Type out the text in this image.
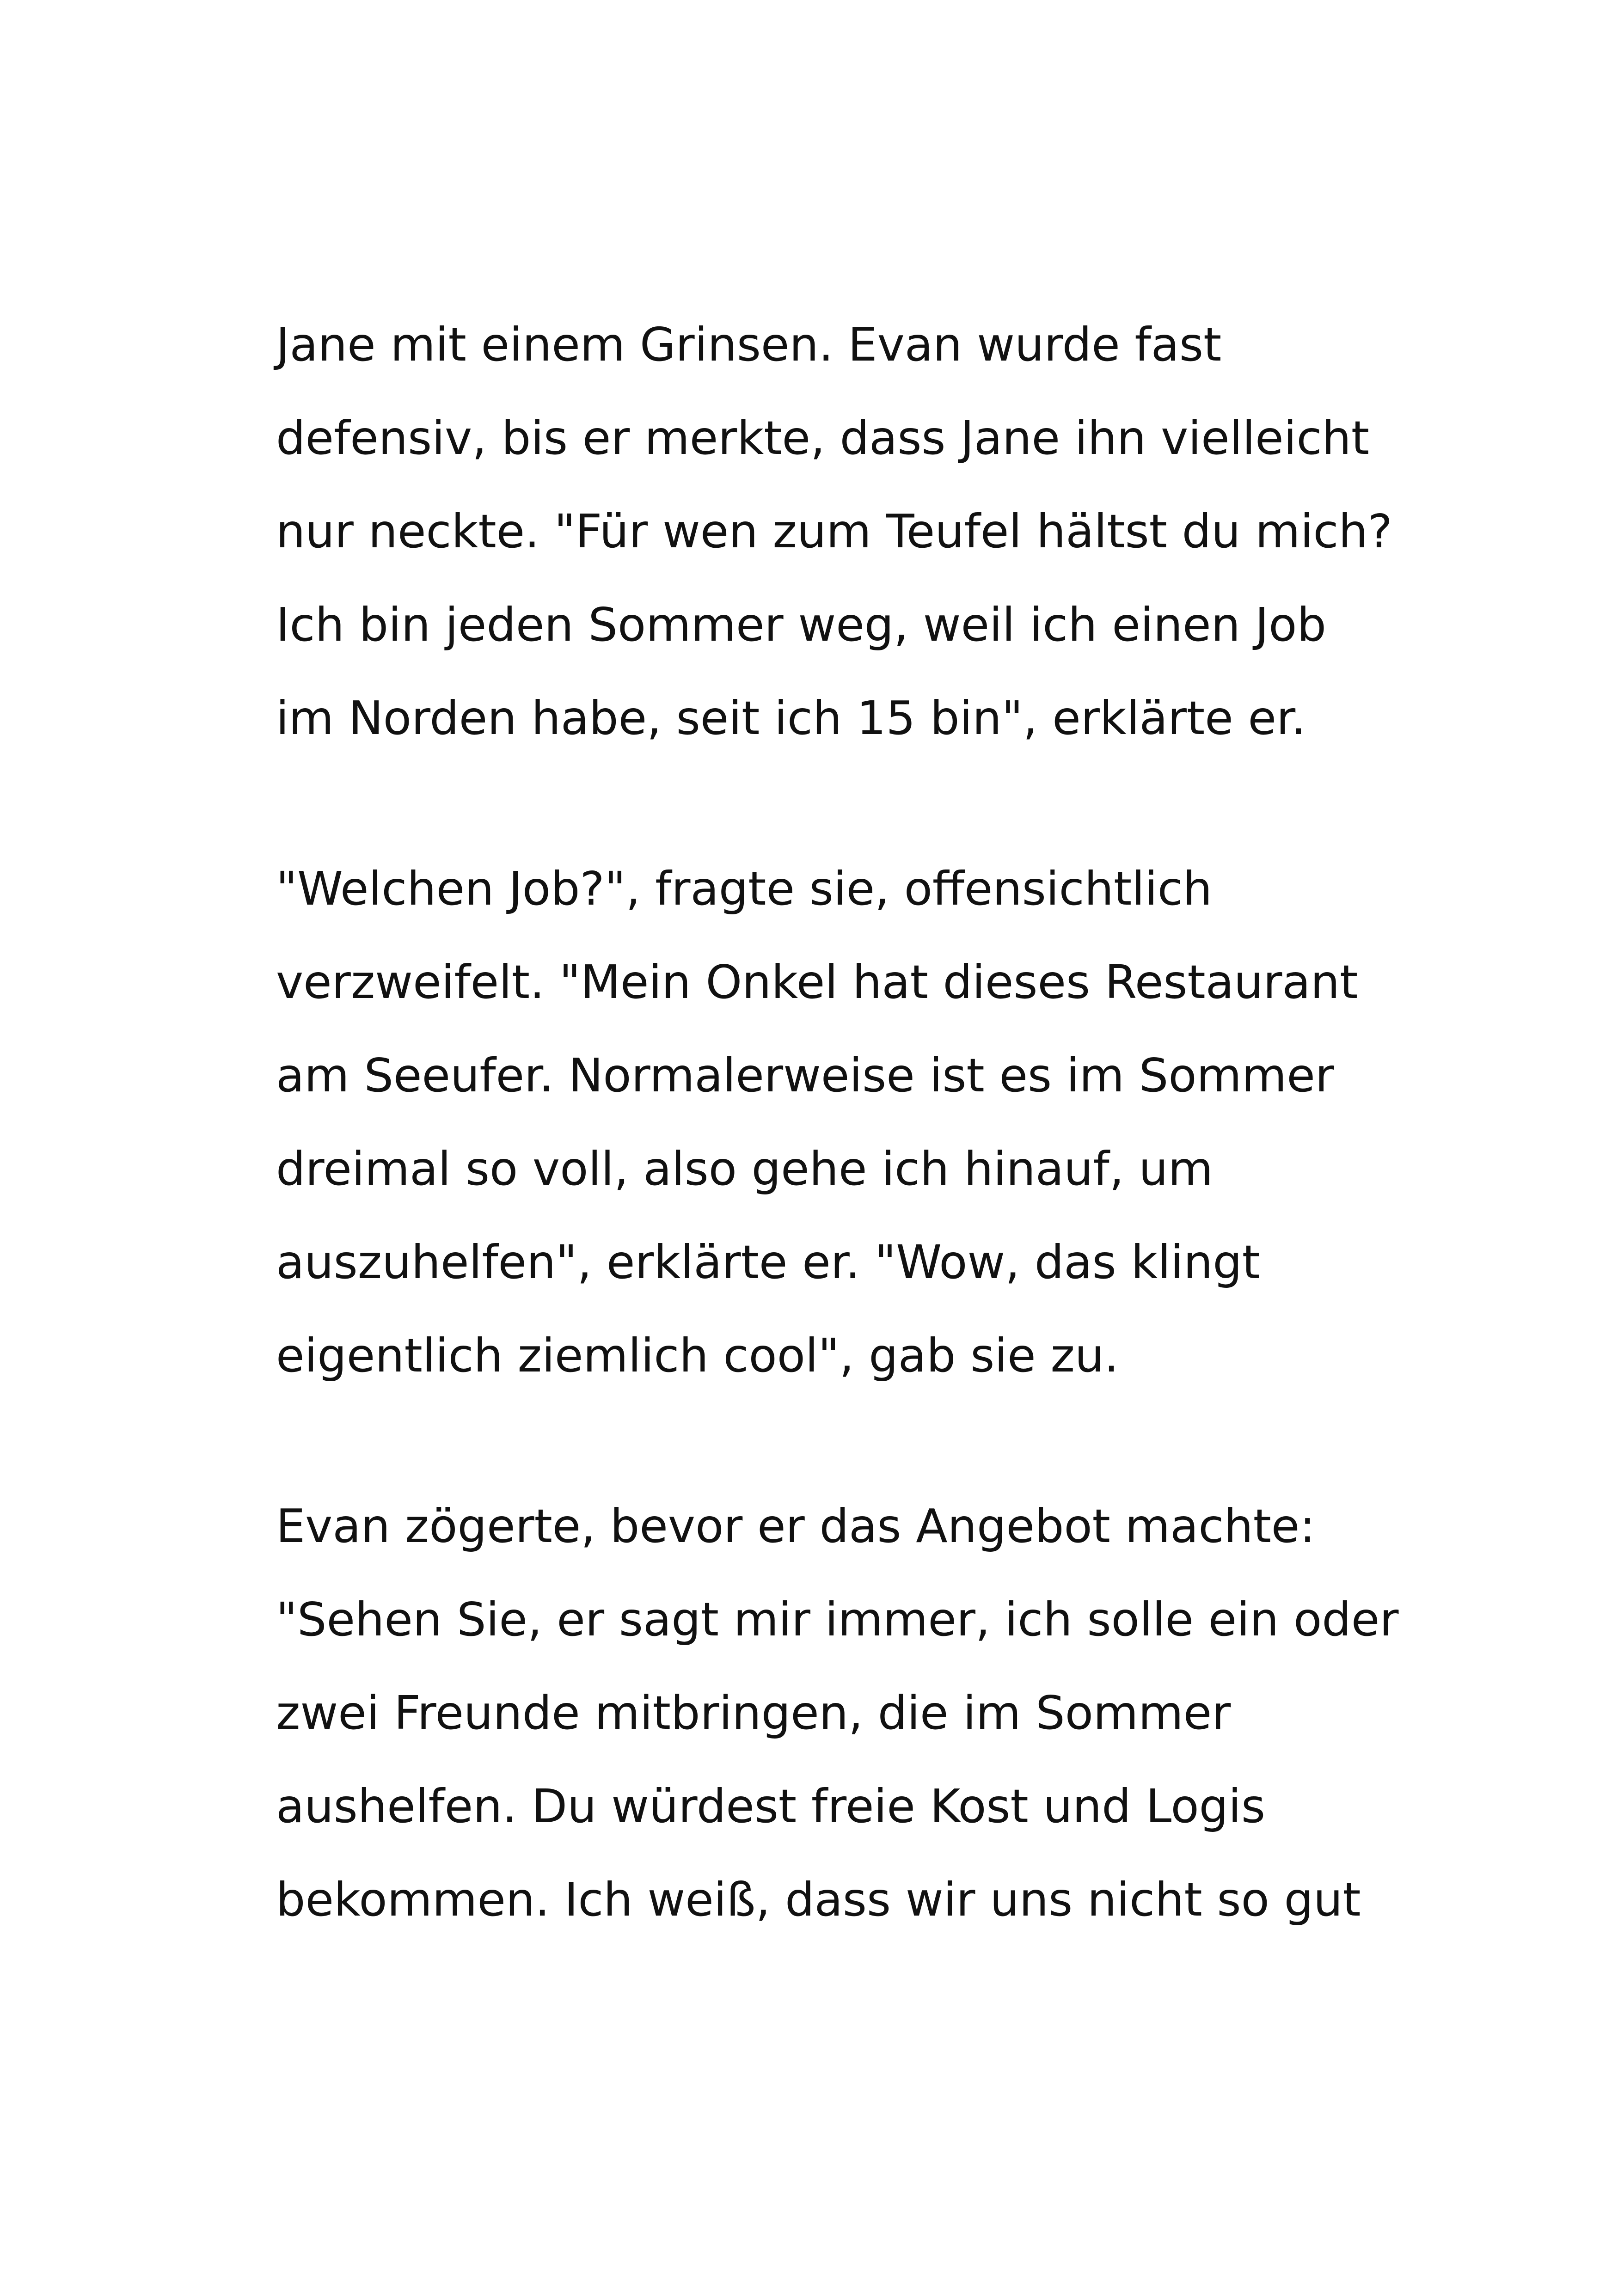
Jane mit einem Grinsen. Evan wurde fast
defensiv, bis er merkte, dass Jane ihn vielleicht
nur neckte. "Für wen zum Teufel hältst du mich?
Ich bin jeden Sommer weg, weil ich einen Job
im Norden habe, seit ich 15 bin", erklärte er.
"Welchen Job?", fragte sie, offensichtlich
verzweifelt. "Mein Onkel hat dieses Restaurant
am Seeufer. Normalerweise ist es im Sommer
dreimal so voll, also gehe ich hinauf, um
auszuhelfen", erklärte er. "Wow, das klingt
eigentlich ziemlich cool", gab sie zu.
Evan zögerte, bevor er das Angebot machte:
"Sehen Sie, er sagt mir immer, ich solle ein oder
zwei Freunde mitbringen, die im Sommer
aushelfen. Du würdest freie Kost und Logis
bekommen. Ich weiß, dass wir uns nicht so gut
